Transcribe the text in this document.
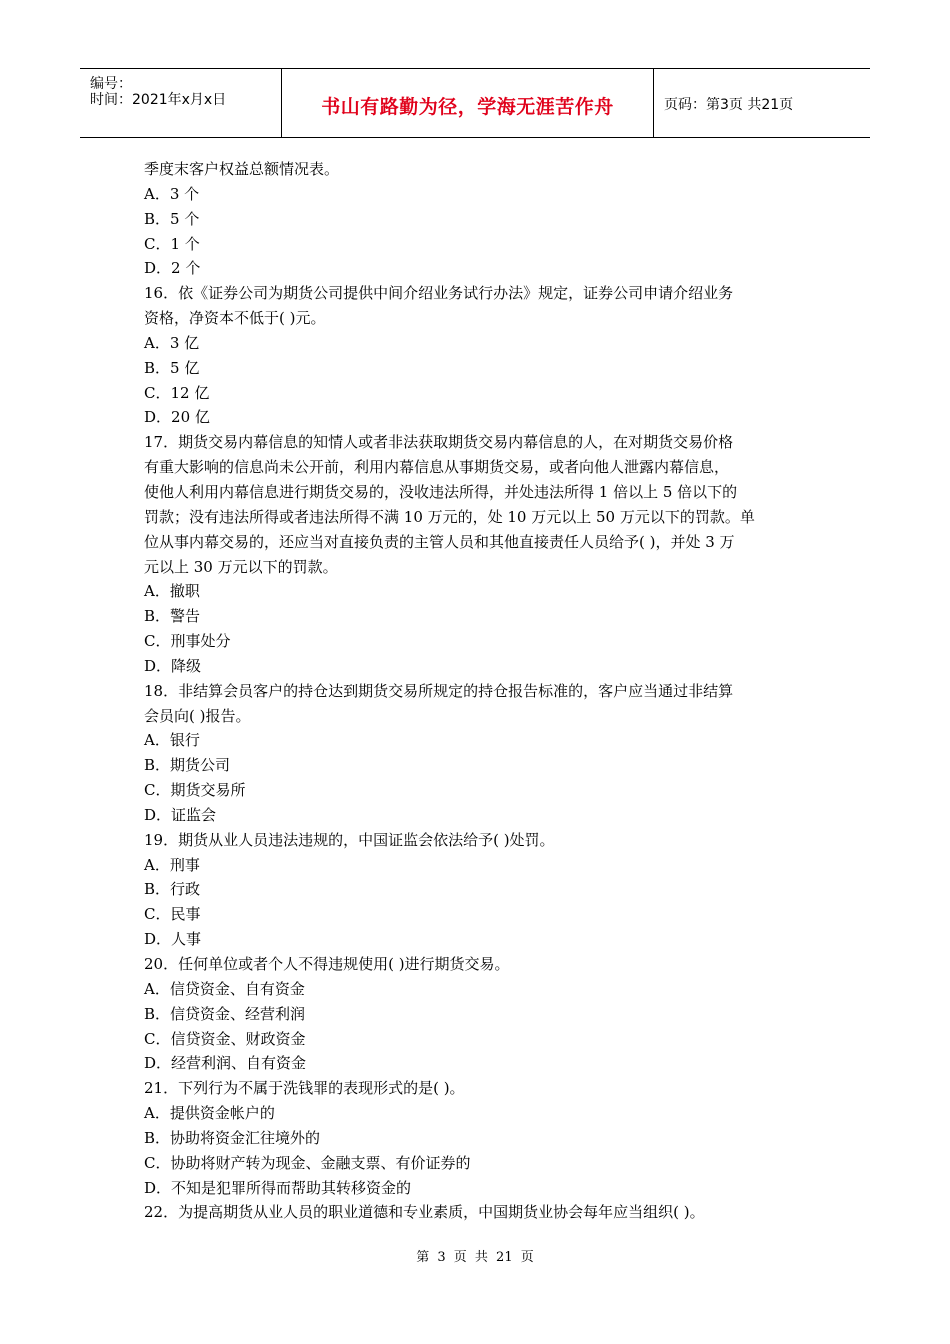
编号：
时间：2021年x月x日	书山有路勤为径，学海无涯苦作舟	页码：第3页 共21页
季度末客户权益总额情况表。
A．3 个
B．5 个
C．1 个
D．2 个
16．依《证券公司为期货公司提供中间介绍业务试行办法》规定，证券公司申请介绍业务
资格，净资本不低于( )元。
A．3 亿
B．5 亿
C．12 亿
D．20 亿
17．期货交易内幕信息的知情人或者非法获取期货交易内幕信息的人，在对期货交易价格
有重大影响的信息尚未公开前，利用内幕信息从事期货交易，或者向他人泄露内幕信息，
使他人利用内幕信息进行期货交易的，没收违法所得，并处违法所得 1 倍以上 5 倍以下的
罚款；没有违法所得或者违法所得不满 10 万元的，处 10 万元以上 50 万元以下的罚款。单
位从事内幕交易的，还应当对直接负责的主管人员和其他直接责任人员给予( )，并处 3 万
元以上 30 万元以下的罚款。
A．撤职
B．警告
C．刑事处分
D．降级
18．非结算会员客户的持仓达到期货交易所规定的持仓报告标准的，客户应当通过非结算
会员向( )报告。
A．银行
B．期货公司
C．期货交易所
D．证监会
19．期货从业人员违法违规的，中国证监会依法给予( )处罚。
A．刑事
B．行政
C．民事
D．人事
20．任何单位或者个人不得违规使用( )进行期货交易。
A．信贷资金、自有资金
B．信贷资金、经营利润
C．信贷资金、财政资金
D．经营利润、自有资金
21．下列行为不属于洗钱罪的表现形式的是( )。
A．提供资金帐户的
B．协助将资金汇往境外的
C．协助将财产转为现金、金融支票、有价证券的
D．不知是犯罪所得而帮助其转移资金的
22．为提高期货从业人员的职业道德和专业素质，中国期货业协会每年应当组织( )。
第 3 页 共 21 页
